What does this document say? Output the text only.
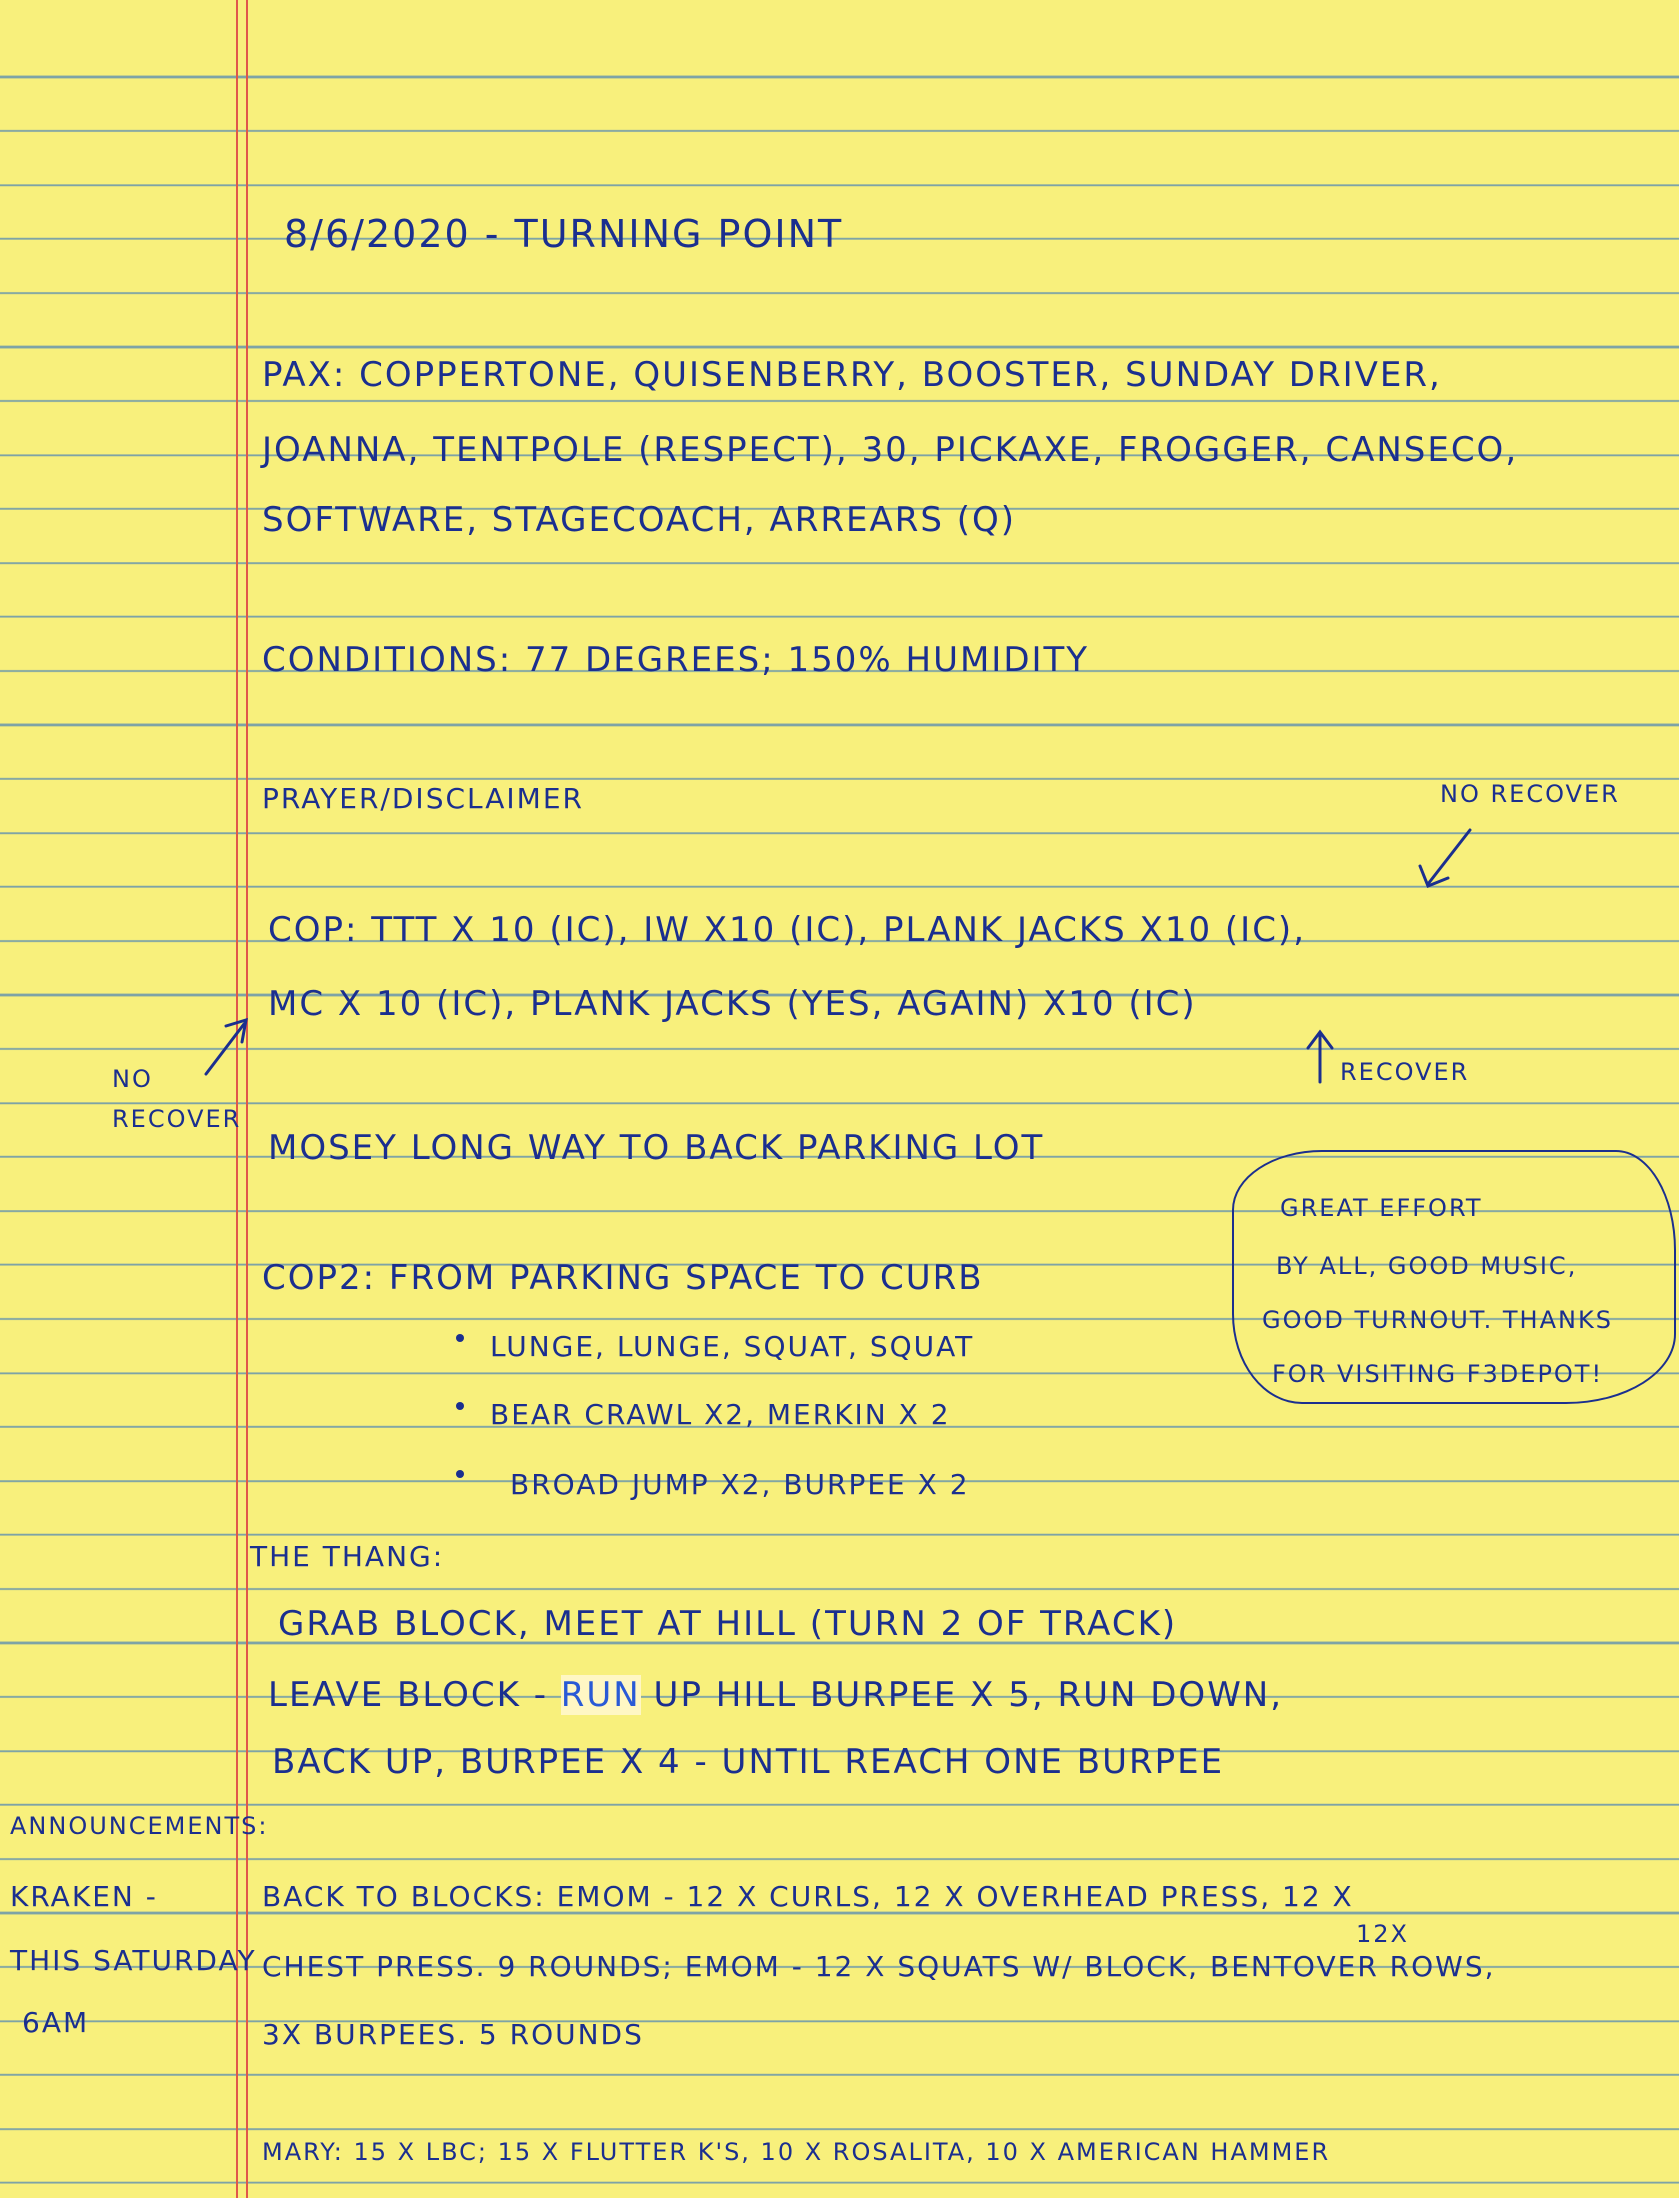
8/6/2020 - TURNING POINT
PAX: COPPERTONE, QUISENBERRY, BOOSTER, SUNDAY DRIVER,
JOANNA, TENTPOLE (RESPECT), 30, PICKAXE, FROGGER, CANSECO,
SOFTWARE, STAGECOACH, ARREARS (Q)
CONDITIONS: 77 DEGREES; 150% HUMIDITY
PRAYER/DISCLAIMER	NO RECOVER
COP: TTT X 10 (IC), IW X10 (IC), PLANK JACKS X10 (IC),
MC X 10 (IC), PLANK JACKS (YES, AGAIN) X10 (IC)
NO
RECOVER
RECOVER
MOSEY LONG WAY TO BACK PARKING LOT
COP2: FROM PARKING SPACE TO CURB
LUNGE, LUNGE, SQUAT, SQUAT
BEAR CRAWL X2, MERKIN X 2
BROAD JUMP X2, BURPEE X 2
GREAT EFFORT
BY ALL, GOOD MUSIC,
GOOD TURNOUT. THANKS
FOR VISITING F3DEPOT!
THE THANG:
GRAB BLOCK, MEET AT HILL (TURN 2 OF TRACK)
LEAVE BLOCK - RUN UP HILL BURPEE X 5, RUN DOWN,
BACK UP, BURPEE X 4 - UNTIL REACH ONE BURPEE
ANNOUNCEMENTS:
KRAKEN -
THIS SATURDAY
6AM
BACK TO BLOCKS: EMOM - 12 X CURLS, 12 X OVERHEAD PRESS, 12 X
12X
CHEST PRESS. 9 ROUNDS; EMOM - 12 X SQUATS W/ BLOCK, BENTOVER ROWS,
3X BURPEES. 5 ROUNDS
MARY: 15 X LBC; 15 X FLUTTER K'S, 10 X ROSALITA, 10 X AMERICAN HAMMER
